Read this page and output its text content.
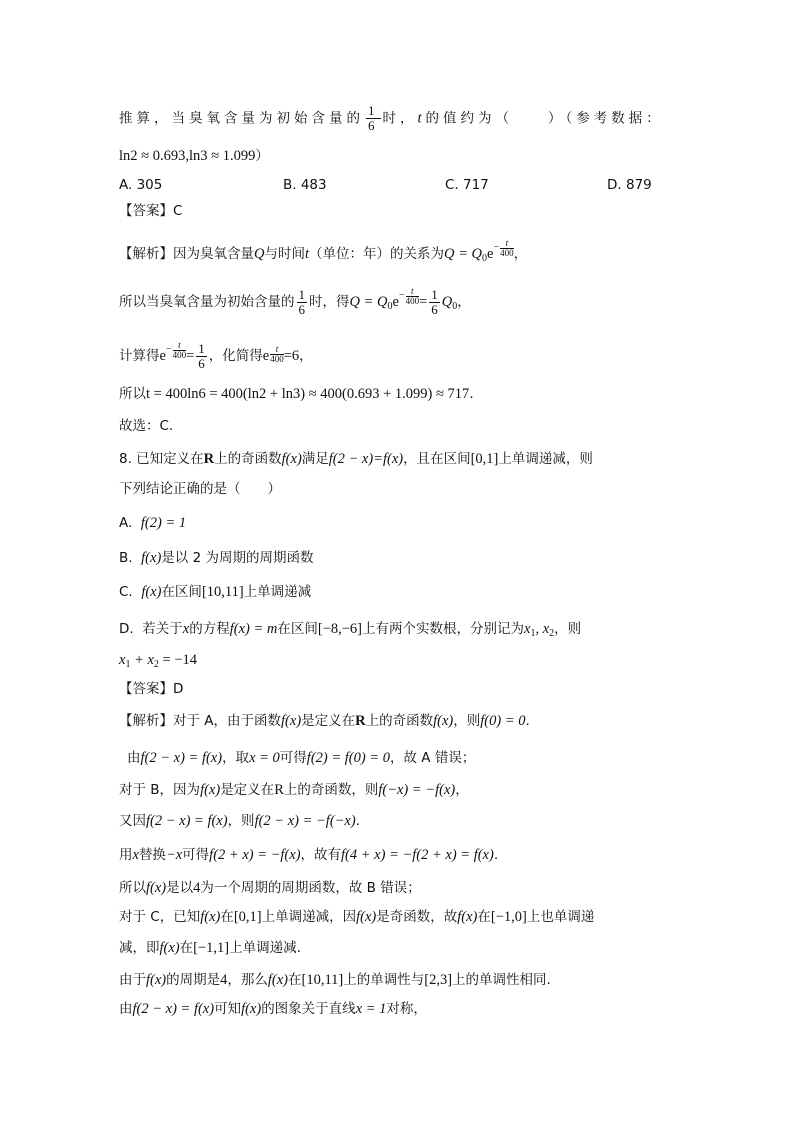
推算，当臭氧含量为初始含量的 $\frac{1}{6}$ 时，t的值约为（　　）（参考数据：
ln2 ≈ 0.693,ln3 ≈ 1.099）
A. 305	B. 483	C. 717	D. 879
【答案】C
【解析】因为臭氧含量Q与时间t（单位：年）的关系为$Q = Q_0e - t$
400 ，
所以当臭氧含量为初始含量的 $\frac{1}{6}$ 时，得$Q = Q_0e - t$
$400 = \frac{1}{6} Q_0$，
计算得e − t
$400 = \frac{1}{6}$ ，化简得e t
400 =6，
所以t = 400ln6 = 400(ln2 + ln3) ≈ 400(0.693 + 1.099) ≈ 717.
故选：C.
8. 已知定义在R上的奇函数f(x)满足f(2 − x)=f(x)，且在区间[0,1]上单调递减，则
下列结论正确的是（　　）
A. f(2) = 1
B. f(x)是以 2 为周期的周期函数
C. f(x)在区间[10,11]上单调递减
D. 若关于x的方程f(x) = m在区间[−8,−6]上有两个实数根，分别记为$x_1$, $x_2$，则
$x_1 + x_2 = -14$
【答案】D
【解析】对于 A，由于函数f(x)是定义在R上的奇函数f(x)，则f(0) = 0.
由f(2 − x) = f(x)，取x = 0可得f(2) = f(0) = 0，故 A 错误；
对于 B，因为f(x)是定义在R上的奇函数，则f(−x) = −f(x)，
又因f(2 − x) = f(x)，则f(2 − x) = −f(−x).
用x替换−x可得f(2 + x) = −f(x)，故有f(4 + x) = −f(2 + x) = f(x).
所以f(x)是以4为一个周期的周期函数，故 B 错误；
对于 C，已知f(x)在[0,1]上单调递减，因f(x)是奇函数，故f(x)在[−1,0]上也单调递
减，即f(x)在[−1,1]上单调递减.
由于f(x)的周期是4，那么f(x)在[10,11]上的单调性与[2,3]上的单调性相同.
由f(2 − x) = f(x)可知f(x)的图象关于直线x = 1对称，
